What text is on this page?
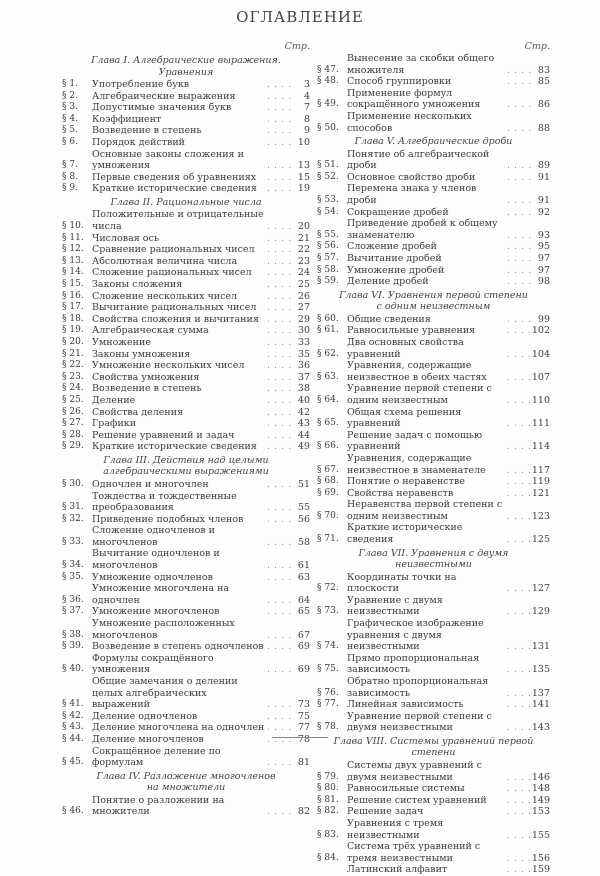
ОГЛАВЛЕНИЕ
Стр.
Глава I. Алгебраические выражения.
Уравнения
§ 1.	Употребление букв	. . . .	3
§ 2.	Алгебраические выражения	. . . .	4
§ 3.	Допустимые значения букв	. . . .	7
§ 4.	Коэффициент	. . . .	8
§ 5.	Возведение в степень	. . . .	9
§ 6.	Порядок действий	. . . . 10
§ 7.
Основные законы сложения и умножения	. . . . 13
§ 8.	Первые сведения об уравнениях	. . . . 15
§ 9.	Краткие исторические сведения	. . . . 19
Глава II. Рациональные числа
§ 10.
Положительные и отрицательные числа	. . . . 20
§ 11. Числовая ось	. . . . 21
§ 12. Сравнение рациональных чисел	. . . . 22
§ 13. Абсолютная величина числа	. . . . 23
§ 14. Сложение рациональных чисел	. . . . 24
§ 15. Законы сложения	. . . . 25
§ 16. Сложение нескольких чисел	. . . . 26
§ 17. Вычитание рациональных чисел	. . . . 27
§ 18. Свойства сложения и вычитания	. . . . 29
§ 19. Алгебраическая сумма	. . . . 30
§ 20. Умножение	. . . . 33
§ 21. Законы умножения	. . . . 35
§ 22. Умножение нескольких чисел	. . . . 36
§ 23. Свойства умножения	. . . . 37
§ 24. Возведение в степень	. . . . 38
§ 25. Деление	. . . . 40
§ 26. Свойства деления	. . . . 42
§ 27. Графики	. . . . 43
§ 28. Решение уравнений и задач	. . . . 44
§ 29. Краткие исторические сведения	. . . . 49
Глава III. Действия над целыми
алгебраическими выражениями
§ 30. Одночлен и многочлен	. . . . 51
§ 31.
Тождества и тождественные преобразования	. . . . 55
§ 32. Приведение подобных членов	. . . . 56
§ 33.
Сложение одночленов и многочленов	. . . . 58
§ 34.
Вычитание одночленов и многочленов	. . . . 61
§ 35. Умножение одночленов	. . . . 63
§ 36.
Умножение многочлена на одночлен	. . . . 64
§ 37. Умножение многочленов	. . . . 65
§ 38.
Умножение расположенных многочленов	. . . . 67
§ 39. Возведение в степень одночленов . . . . 69
§ 40.
Формулы сокращённого умножения	. . . . 69
§ 41.
Общие замечания о делении целых алгебраических выражений	. . . . 73
§ 42. Деление одночленов	. . . . 75
§ 43. Деление многочлена на одночлен . . . . 77
§ 44. Деление многочленов	. . . . 78
§ 45.
Сокращённое деление по формулам	. . . . 81
Глава IV. Разложение многочленов
на множители
§ 46.
Понятие о разложении на множители	. . . . 82
Стр.
§ 47.
Вынесение за скобки общего множителя	. . . . 83
§ 48. Способ группировки	. . . . 85
§ 49.
Применение формул сокращённого умножения	. . . . 86
§ 50.
Применение нескольких способов	. . . . 88
Глава V. Алгебраические дроби
§ 51.
Понятие об алгебраической дроби	. . . . 89
§ 52. Основное свойство дроби	. . . . 91
§ 53.
Перемена знака у членов дроби	. . . . 91
§ 54. Сокращение дробей	. . . . 92
§ 55.
Приведение дробей к общему знаменателю	. . . . 93
§ 56. Сложение дробей	. . . . 95
§ 57. Вычитание дробей	. . . . 97
§ 58. Умножение дробей	. . . . 97
§ 59. Деление дробей	. . . . 98
Глава VI. Уравнения первой степени
с одним неизвестным
§ 60. Общие сведения	. . . . 99
§ 61. Равносильные уравнения	. . . . 102
§ 62.
Два основных свойства уравнений	. . . . 104
§ 63.
Уравнения, содержащие неизвестное в обеих частях	. . . . 107
§ 64.
Уравнение первой степени с одним неизвестным	. . . . 110
§ 65.
Общая схема решения уравнений	. . . . 111
§ 66.
Решение задач с помощью уравнений	. . . . 114
§ 67.
Уравнения, содержащие неизвестное в знаменателе	. . . . 117
§ 68. Понятие о неравенстве	. . . . 119
§ 69. Свойства неравенств	. . . . 121
§ 70.
Неравенства первой степени с одним неизвестным	. . . . 123
§ 71.
Краткие исторические сведения	. . . . 125
Глава VII. Уравнения с двумя
неизвестными
§ 72.
Координаты точки на плоскости	. . . . 127
§ 73.
Уравнение с двумя неизвестными	. . . . 129
§ 74.
Графическое изображение уравнения с двумя неизвестными	. . . . 131
§ 75.
Прямо пропорциональная зависимость	. . . . 135
§ 76.
Обратно пропорциональная зависимость	. . . . 137
§ 77. Линейная зависимость	. . . . 141
§ 78.
Уравнение первой степени с двумя неизвестными	. . . . 143
Глава VIII. Системы уравнений первой
степени
§ 79.
Системы двух уравнений с двумя неизвестными	. . . . 146
§ 80. Равносильные системы	. . . . 148
§ 81. Решение систем уравнений	. . . . 149
§ 82. Решение задач	. . . . 153
§ 83.
Уравнения с тремя неизвестными	. . . . 155
§ 84.
Система трёх уравнений с тремя неизвестными	. . . . 156
Латинский алфавит	. . . . 159
